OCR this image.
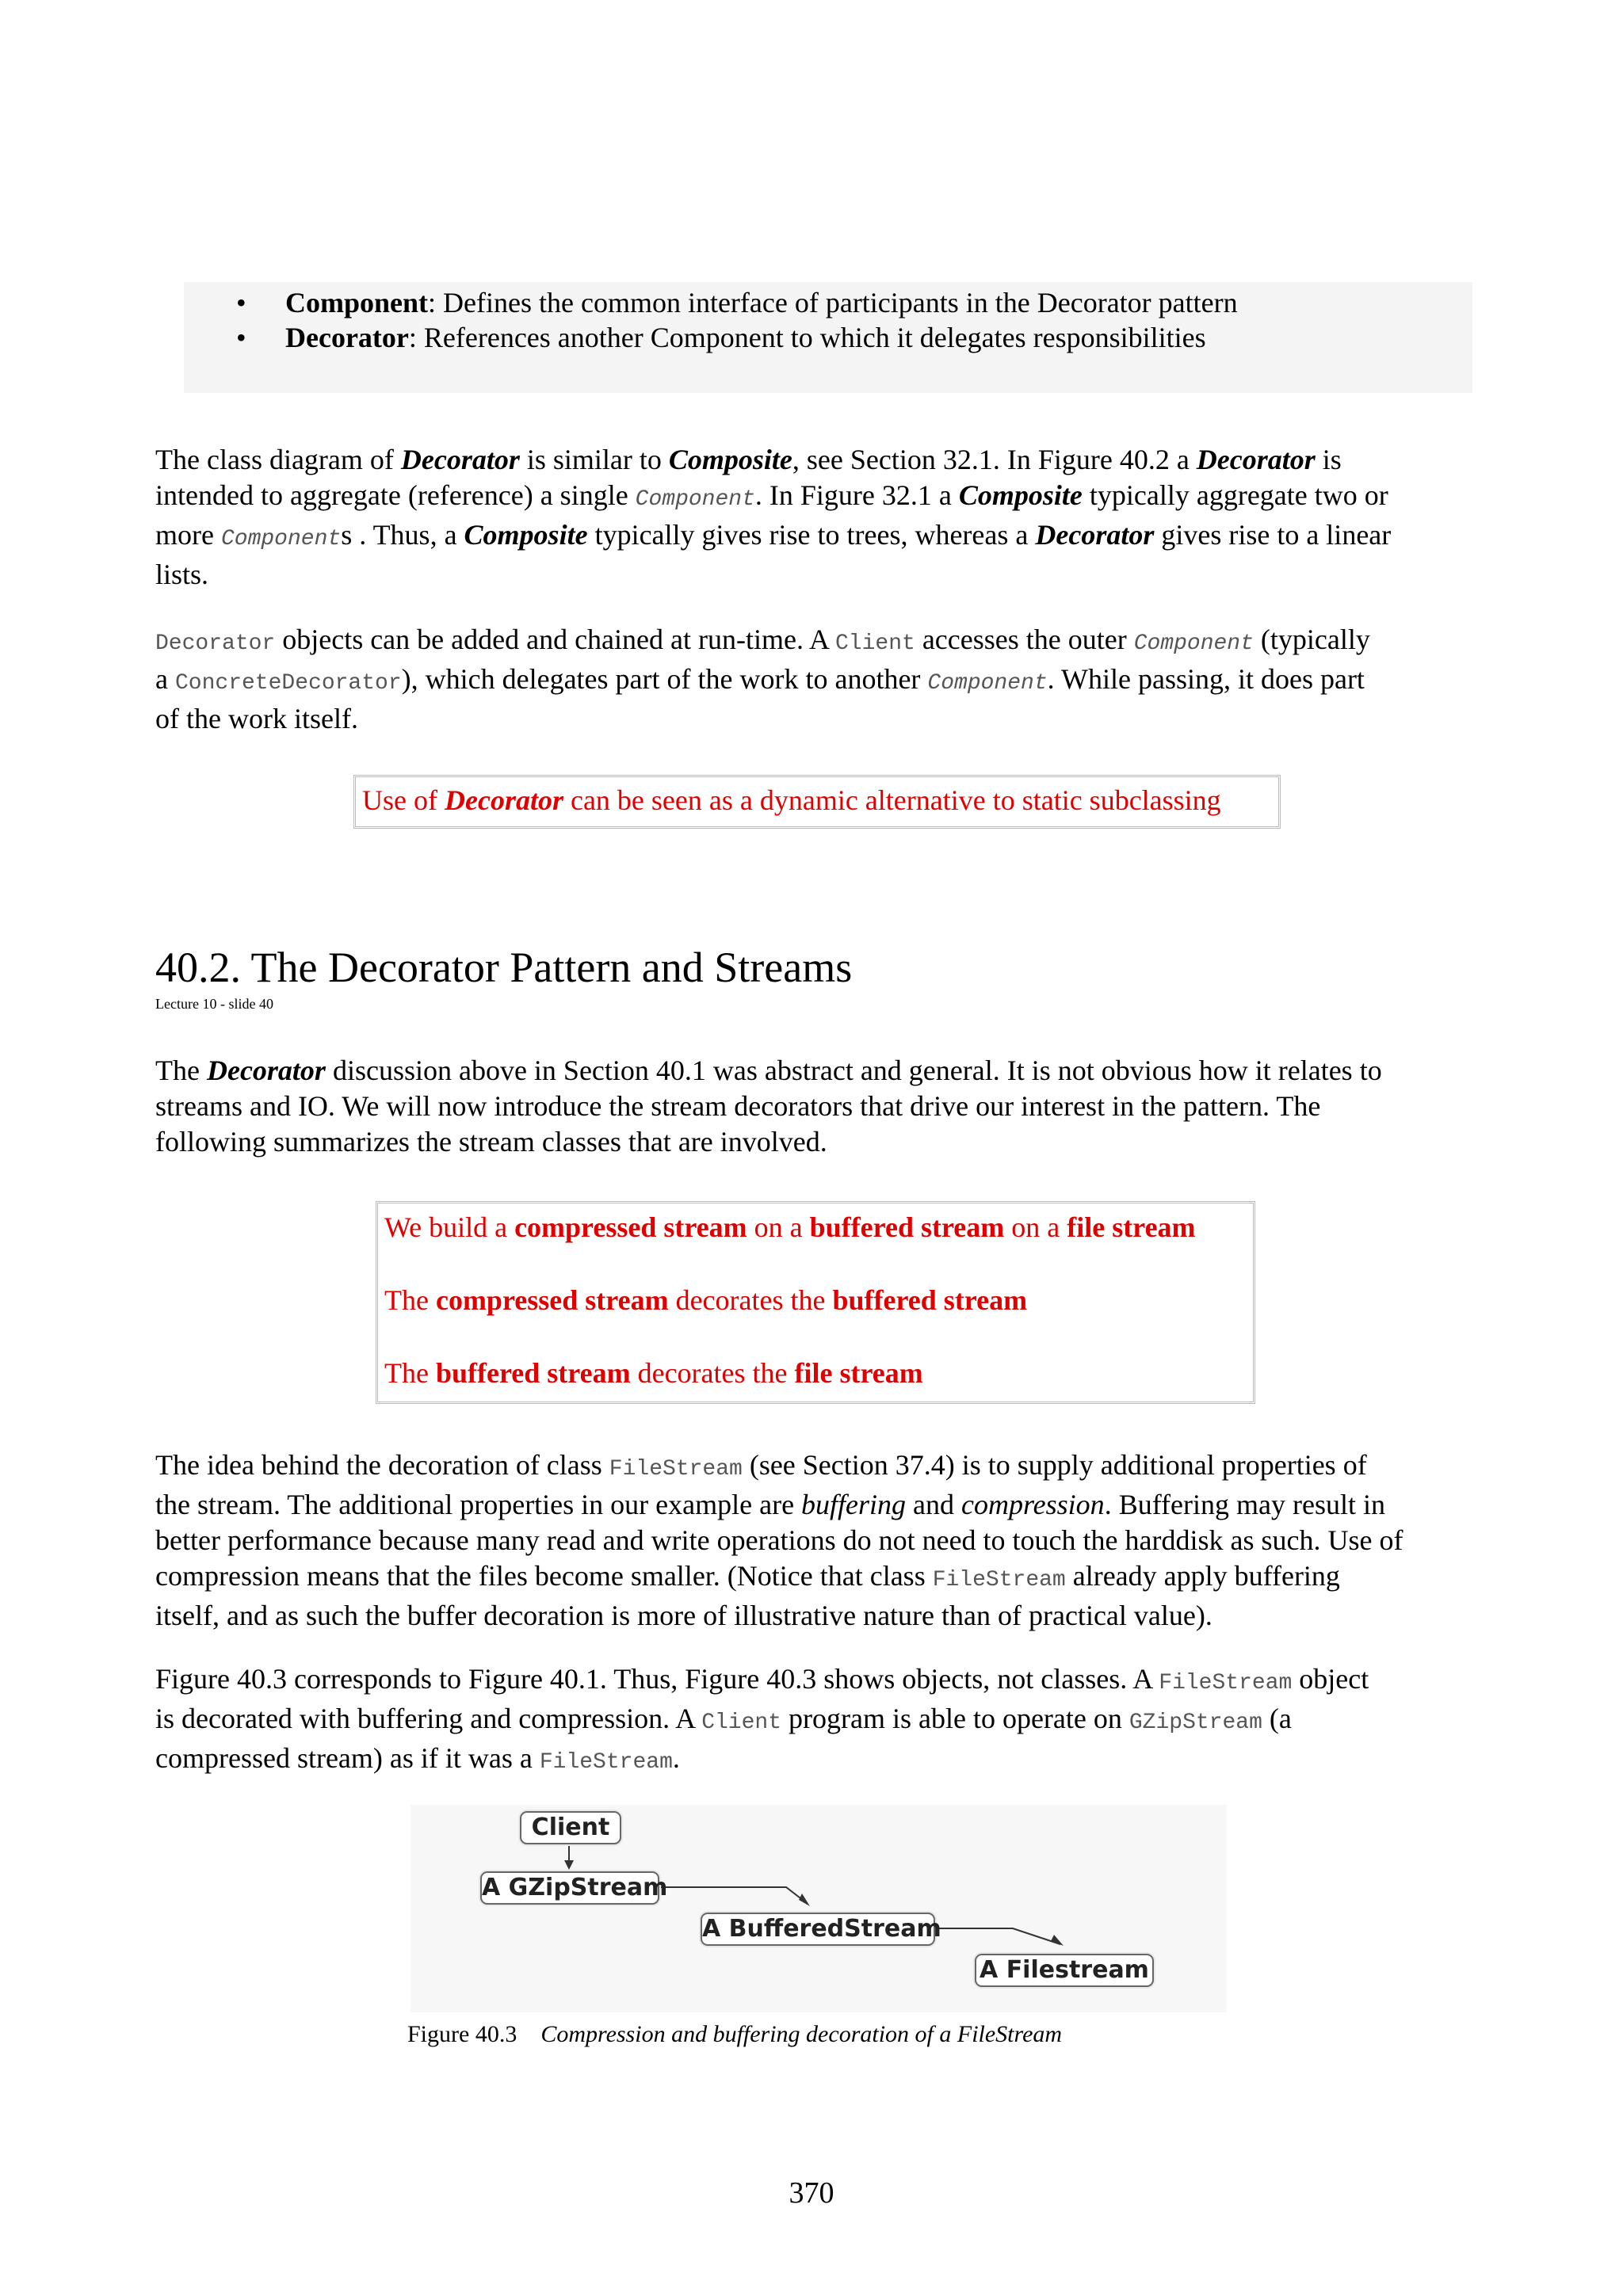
• Component: Defines the common interface of participants in the Decorator pattern
• Decorator: References another Component to which it delegates responsibilities
The class diagram of Decorator is similar to Composite, see Section 32.1. In Figure 40.2 a Decorator is
intended to aggregate (reference) a single Component. In Figure 32.1 a Composite typically aggregate two or
more Components . Thus, a Composite typically gives rise to trees, whereas a Decorator gives rise to a linear
lists.
Decorator objects can be added and chained at run-time. A Client accesses the outer Component (typically
a ConcreteDecorator), which delegates part of the work to another Component. While passing, it does part
of the work itself.
Use of Decorator can be seen as a dynamic alternative to static subclassing
40.2. The Decorator Pattern and Streams
Lecture 10 - slide 40
The Decorator discussion above in Section 40.1 was abstract and general. It is not obvious how it relates to
streams and IO. We will now introduce the stream decorators that drive our interest in the pattern. The
following summarizes the stream classes that are involved.
We build a compressed stream on a buffered stream on a file stream
The compressed stream decorates the buffered stream
The buffered stream decorates the file stream
The idea behind the decoration of class FileStream (see Section 37.4) is to supply additional properties of
the stream. The additional properties in our example are buffering and compression. Buffering may result in
better performance because many read and write operations do not need to touch the harddisk as such. Use of
compression means that the files become smaller. (Notice that class FileStream already apply buffering
itself, and as such the buffer decoration is more of illustrative nature than of practical value).
Figure 40.3 corresponds to Figure 40.1. Thus, Figure 40.3 shows objects, not classes. A FileStream object
is decorated with buffering and compression. A Client program is able to operate on GZipStream (a
compressed stream) as if it was a FileStream.
Client
A GZipStream
A BufferedStream
A Filestream
Figure 40.3 Compression and buffering decoration of a FileStream
370
